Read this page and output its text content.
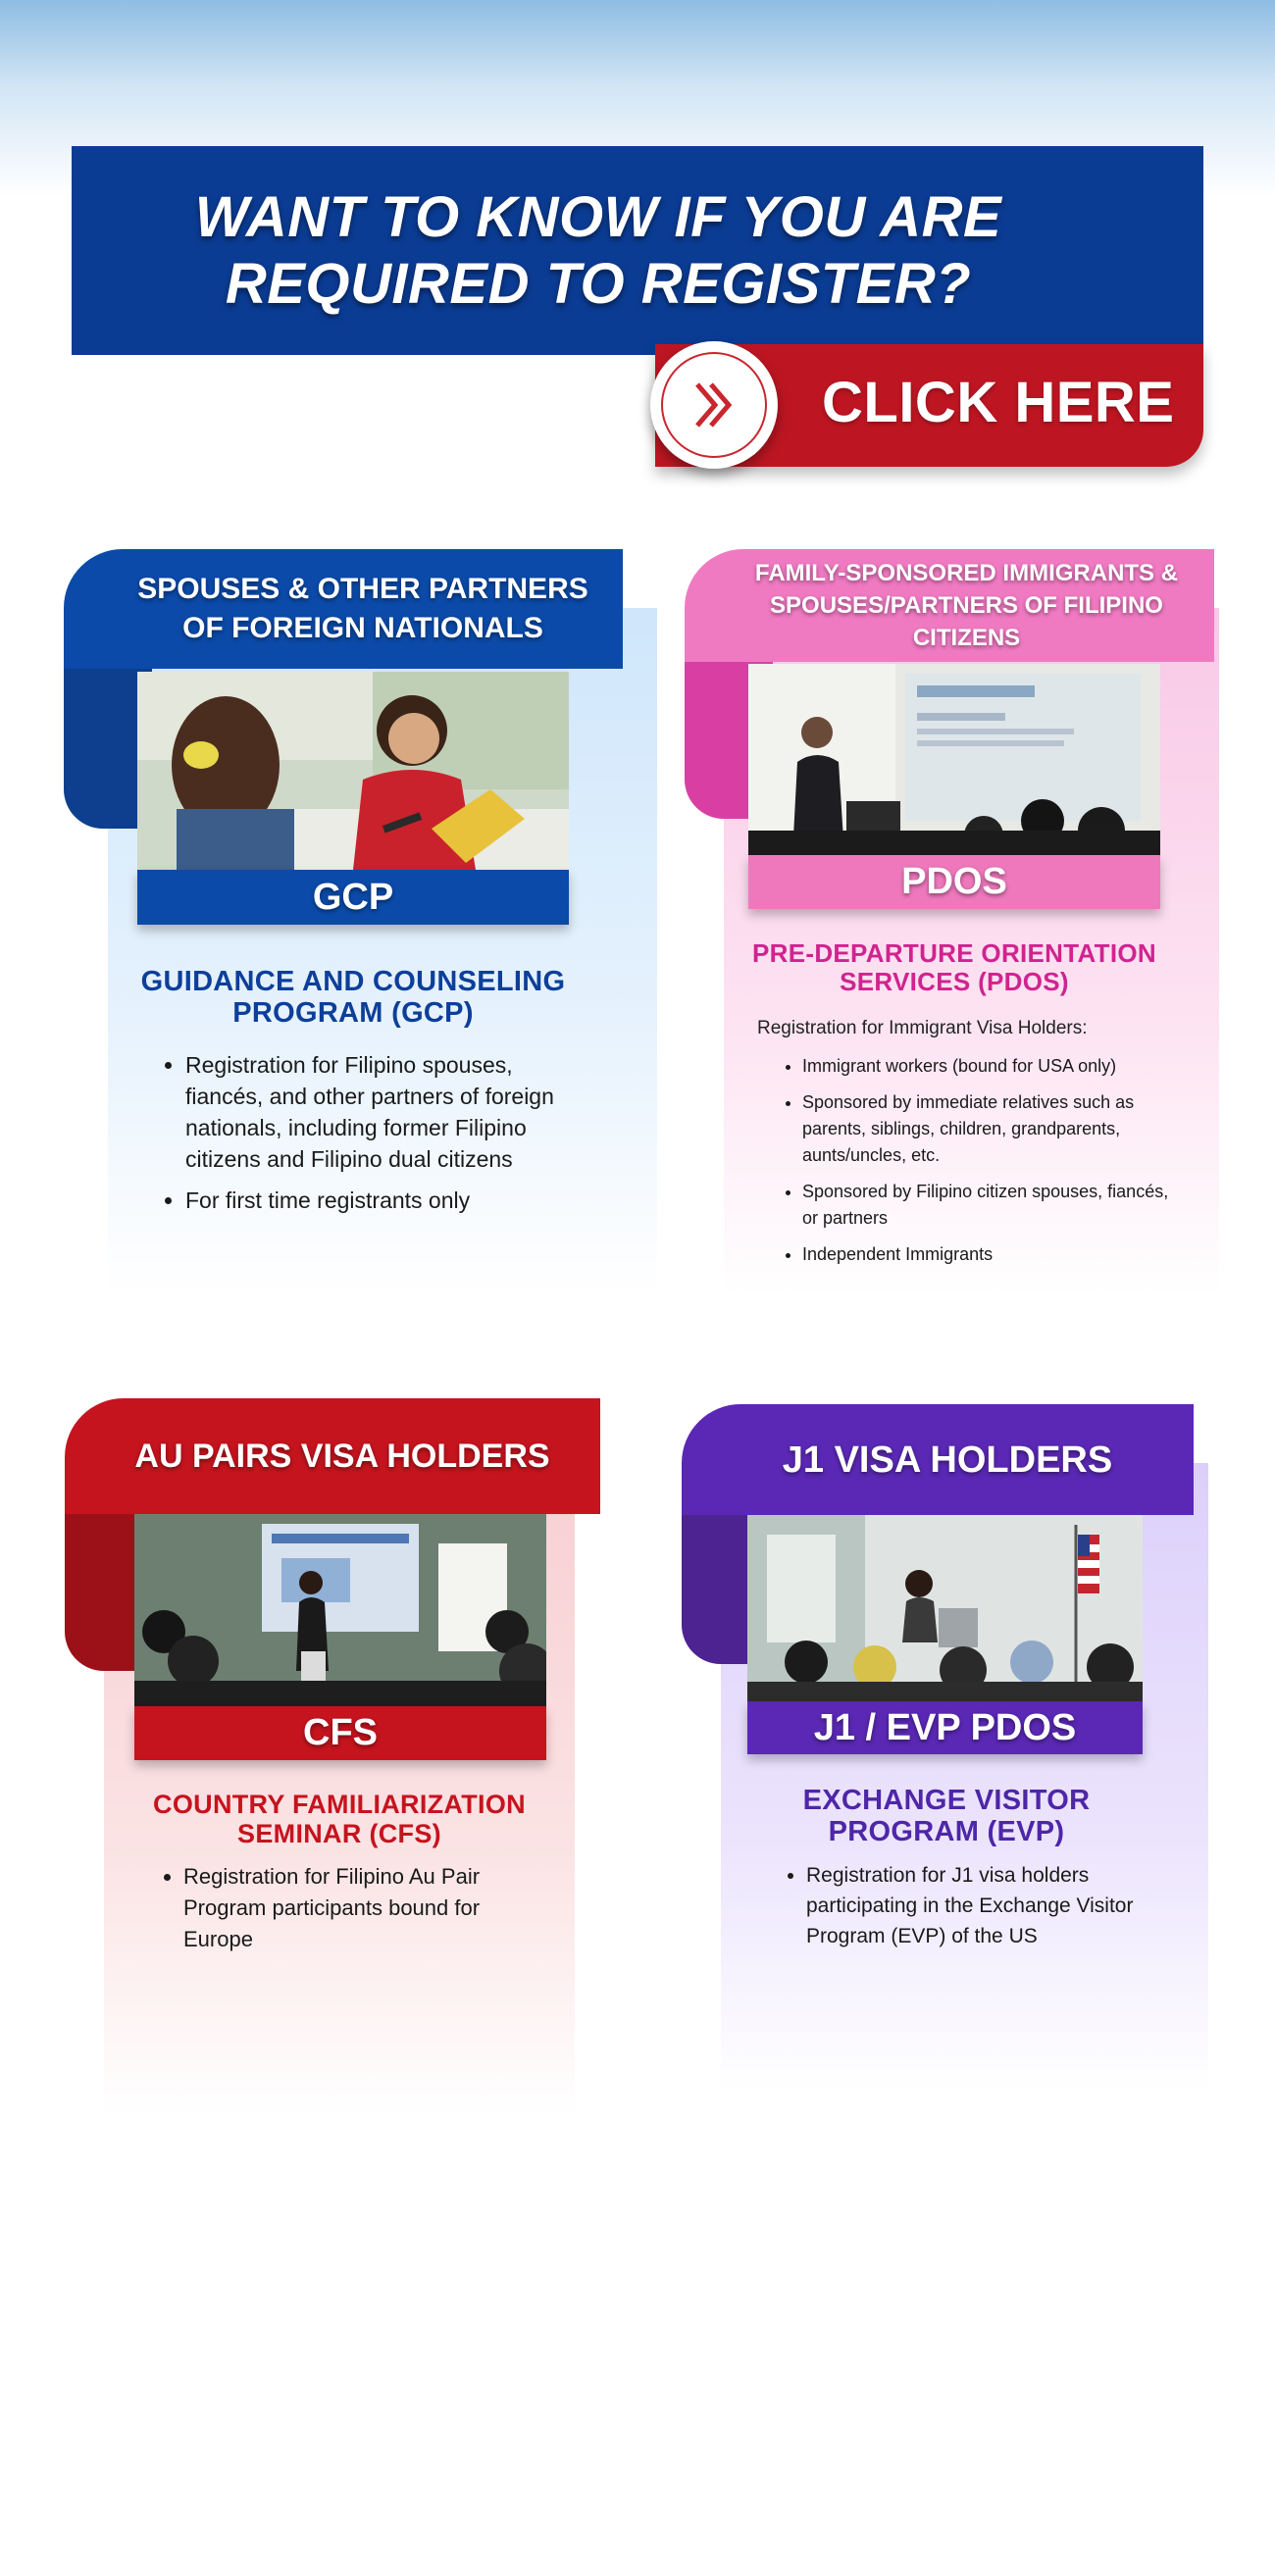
WANT TO KNOW IF YOU ARE
REQUIRED TO REGISTER?
CLICK HERE
SPOUSES & OTHER PARTNERS
OF FOREIGN NATIONALS
GCP
GUIDANCE AND COUNSELING
PROGRAM (GCP)
• Registration for Filipino spouses, fiancés, and other partners of foreign nationals, including former Filipino citizens and Filipino dual citizens
• For first time registrants only
FAMILY-SPONSORED IMMIGRANTS &
SPOUSES/PARTNERS OF FILIPINO CITIZENS
PDOS
PRE-DEPARTURE ORIENTATION
SERVICES (PDOS)

Registration for Immigrant Visa Holders:

• Immigrant workers (bound for USA only)
• Sponsored by immediate relatives such as parents, siblings, children, grandparents, aunts/uncles, etc.
• Sponsored by Filipino citizen spouses, fiancés, or partners
• Independent Immigrants
AU PAIRS VISA HOLDERS
CFS
COUNTRY FAMILIARIZATION
SEMINAR (CFS)
• Registration for Filipino Au Pair Program participants bound for Europe
J1 VISA HOLDERS
J1 / EVP PDOS
EXCHANGE VISITOR
PROGRAM (EVP)
• Registration for J1 visa holders participating in the Exchange Visitor Program (EVP) of the US
